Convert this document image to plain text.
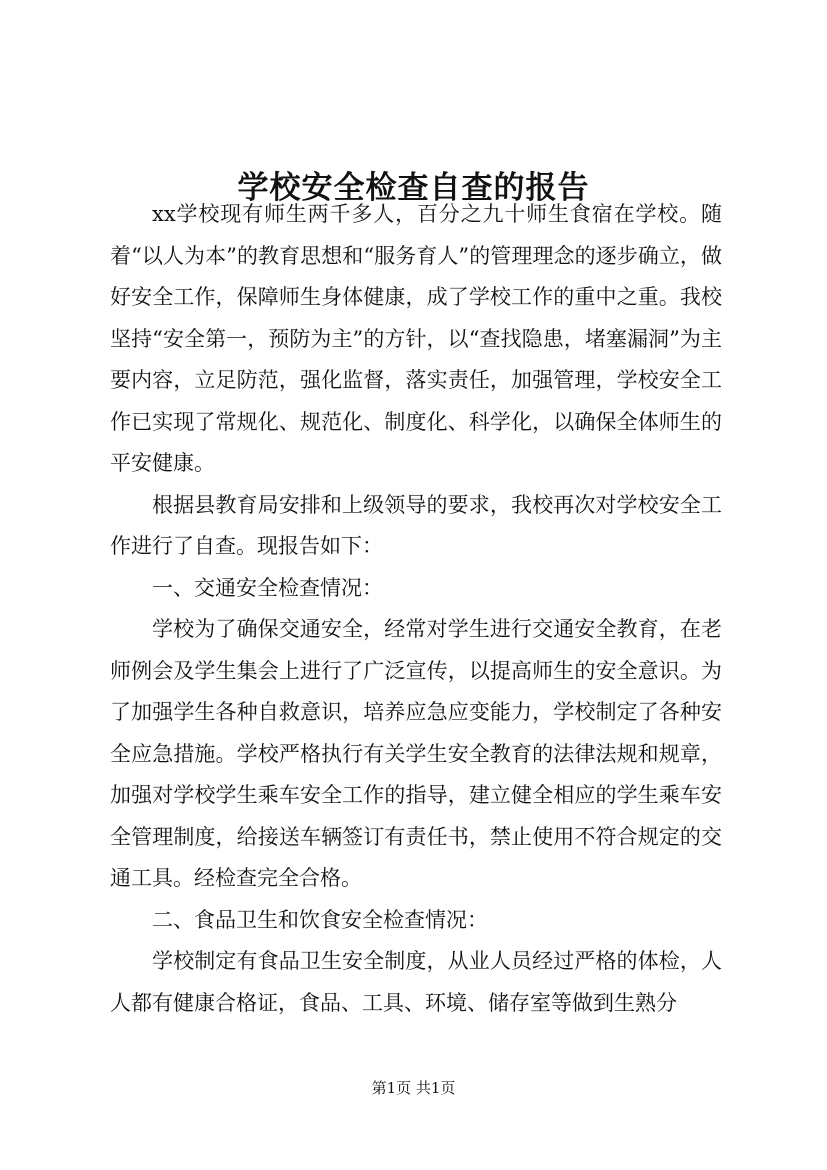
学校安全检查自查的报告

xx学校现有师生两千多人，百分之九十师生食宿在学校。随着“以人为本”的教育思想和“服务育人”的管理理念的逐步确立，做好安全工作，保障师生身体健康，成了学校工作的重中之重。我校坚持“安全第一，预防为主”的方针，以“查找隐患，堵塞漏洞”为主要内容，立足防范，强化监督，落实责任，加强管理，学校安全工作已实现了常规化、规范化、制度化、科学化，以确保全体师生的平安健康。

根据县教育局安排和上级领导的要求，我校再次对学校安全工作进行了自查。现报告如下：

一、交通安全检查情况：

学校为了确保交通安全，经常对学生进行交通安全教育，在老师例会及学生集会上进行了广泛宣传，以提高师生的安全意识。为了加强学生各种自救意识，培养应急应变能力，学校制定了各种安全应急措施。学校严格执行有关学生安全教育的法律法规和规章，加强对学校学生乘车安全工作的指导，建立健全相应的学生乘车安全管理制度，给接送车辆签订有责任书，禁止使用不符合规定的交通工具。经检查完全合格。

二、食品卫生和饮食安全检查情况：

学校制定有食品卫生安全制度，从业人员经过严格的体检，人人都有健康合格证，食品、工具、环境、储存室等做到生熟分

第1页 共1页
